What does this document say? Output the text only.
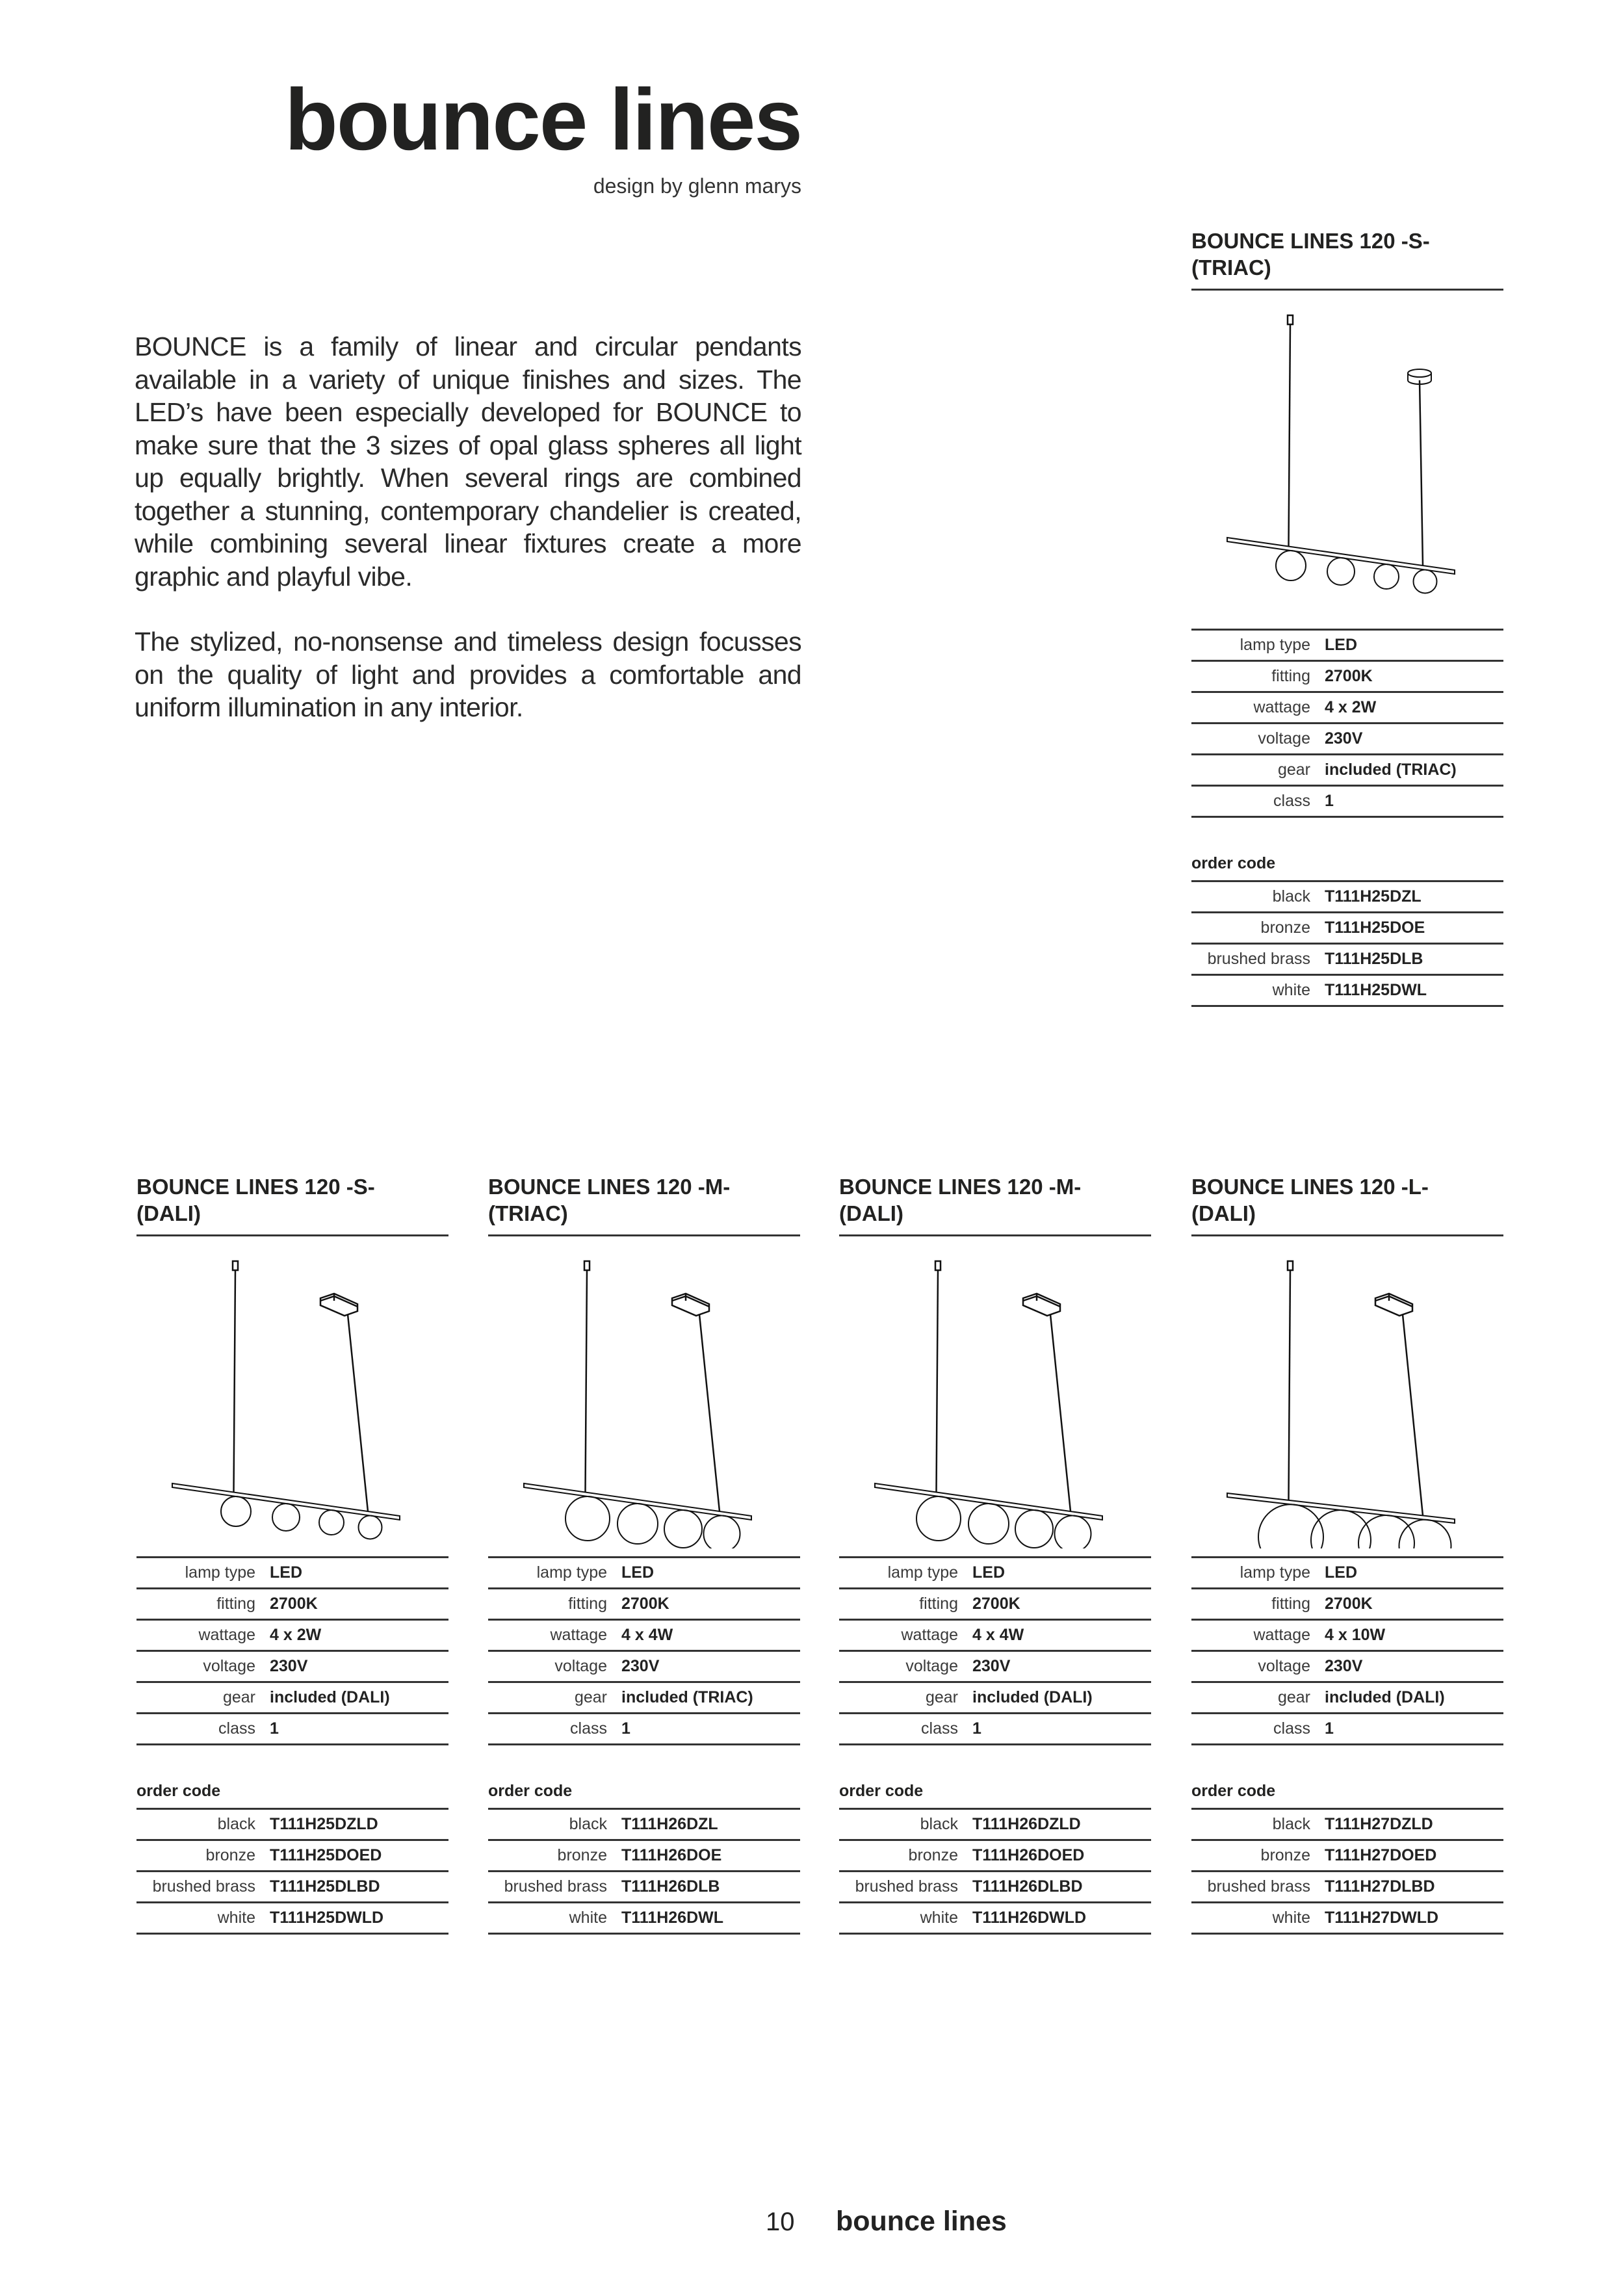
bounce lines
design by glenn marys

BOUNCE is a family of linear and circular pendants available in a variety of unique finishes and sizes. The LED’s have been especially developed for BOUNCE to make sure that the 3 sizes of opal glass spheres all light up equally brightly. When several rings are combined together a stunning, contemporary chandelier is created, while combining several linear fixtures create a more graphic and playful vibe.

The stylized, no-nonsense and timeless design focusses on the quality of light and provides a comfortable and uniform illumination in any interior.

BOUNCE LINES 120 -S-
(TRIAC)
lamp type	LED
fitting	2700K
wattage	4 x 2W
voltage	230V
gear	included (TRIAC)
class	1
order code
black	T111H25DZL
bronze	T111H25DOE
brushed brass	T111H25DLB
white	T111H25DWL
BOUNCE LINES 120 -S-
(DALI)
lamp type	LED
fitting	2700K
wattage	4 x 2W
voltage	230V
gear	included (DALI)
class	1
order code
black	T111H25DZLD
bronze	T111H25DOED
brushed brass	T111H25DLBD
white	T111H25DWLD
BOUNCE LINES 120 -M-
(TRIAC)
lamp type	LED
fitting	2700K
wattage	4 x 4W
voltage	230V
gear	included (TRIAC)
class	1
order code
black	T111H26DZL
bronze	T111H26DOE
brushed brass	T111H26DLB
white	T111H26DWL
BOUNCE LINES 120 -M-
(DALI)
lamp type	LED
fitting	2700K
wattage	4 x 4W
voltage	230V
gear	included (DALI)
class	1
order code
black	T111H26DZLD
bronze	T111H26DOED
brushed brass	T111H26DLBD
white	T111H26DWLD
BOUNCE LINES 120 -L-
(DALI)
lamp type	LED
fitting	2700K
wattage	4 x 10W
voltage	230V
gear	included (DALI)
class	1
order code
black	T111H27DZLD
bronze	T111H27DOED
brushed brass	T111H27DLBD
white	T111H27DWLD
10 bounce lines
